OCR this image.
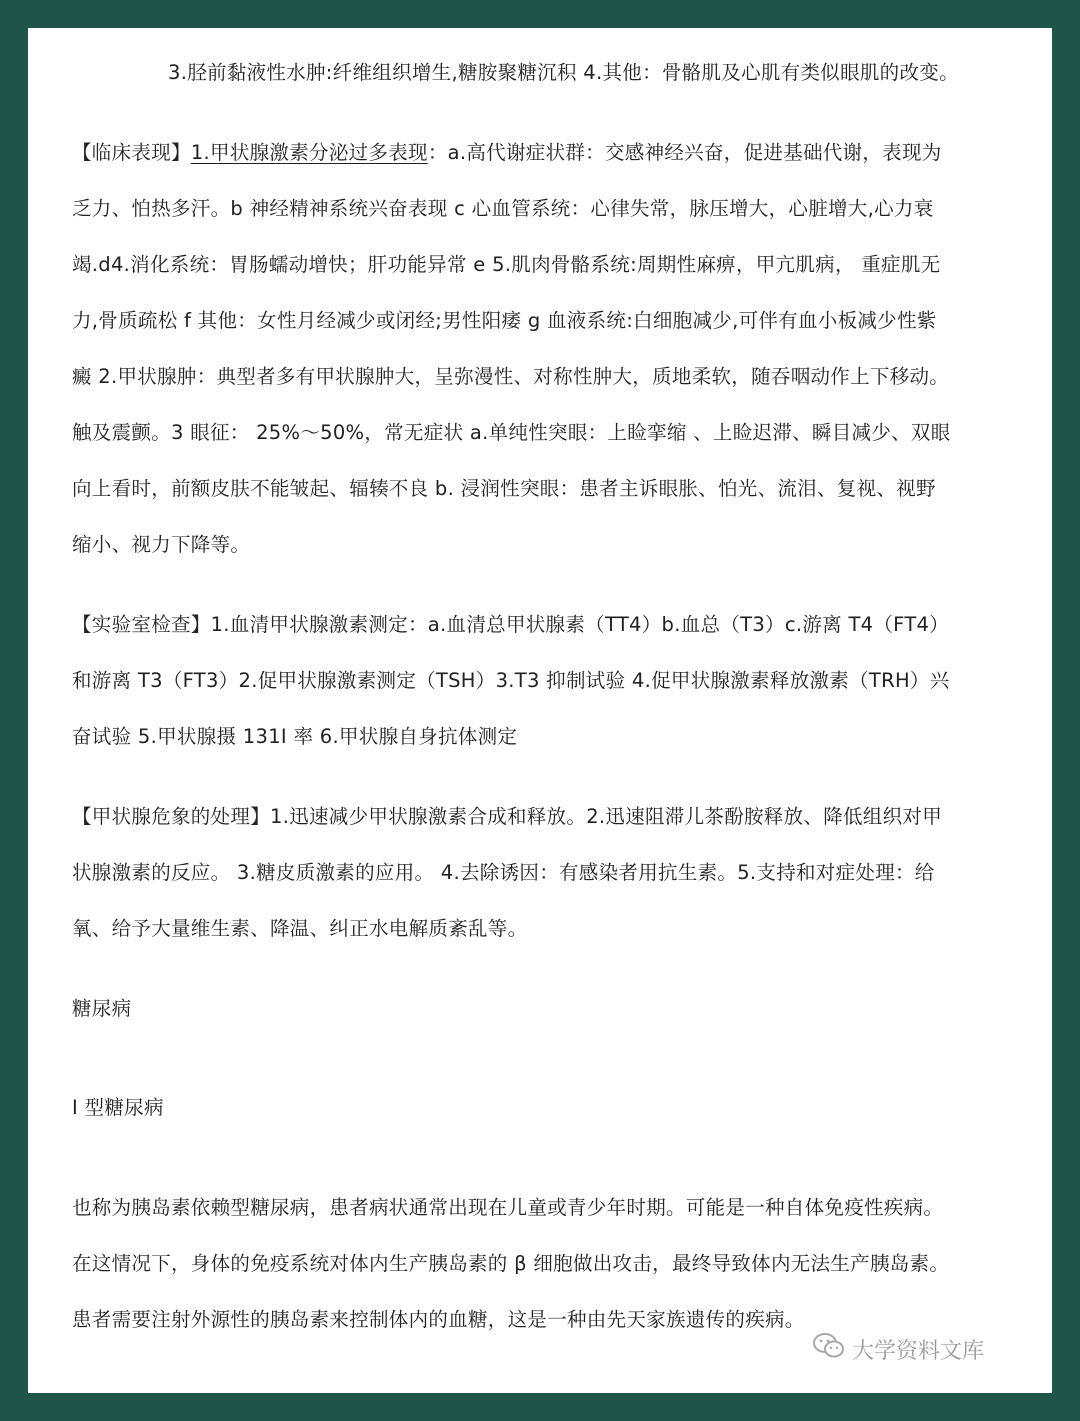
3.胫前黏液性水肿:纤维组织增生,糖胺聚糖沉积 4.其他：骨骼肌及心肌有类似眼肌的改变。
【临床表现】1.甲状腺激素分泌过多表现：a.高代谢症状群：交感神经兴奋，促进基础代谢，表现为
乏力、怕热多汗。b 神经精神系统兴奋表现 c 心血管系统：心律失常，脉压增大，心脏增大,心力衰
竭.d4.消化系统：胃肠蠕动增快；肝功能异常 e 5.肌肉骨骼系统:周期性麻痹，甲亢肌病， 重症肌无
力,骨质疏松 f 其他：女性月经减少或闭经;男性阳痿 g 血液系统:白细胞减少,可伴有血小板减少性紫
癜 2.甲状腺肿：典型者多有甲状腺肿大，呈弥漫性、对称性肿大，质地柔软，随吞咽动作上下移动。
触及震颤。3 眼征： 25%～50%，常无症状 a.单纯性突眼：上睑挛缩 、上睑迟滞、瞬目减少、双眼
向上看时，前额皮肤不能皱起、辐辏不良 b. 浸润性突眼：患者主诉眼胀、怕光、流泪、复视、视野
缩小、视力下降等。
【实验室检查】1.血清甲状腺激素测定：a.血清总甲状腺素（TT4）b.血总（T3）c.游离 T4（FT4）
和游离 T3（FT3）2.促甲状腺激素测定（TSH）3.T3 抑制试验 4.促甲状腺激素释放激素（TRH）兴
奋试验 5.甲状腺摄 131I 率 6.甲状腺自身抗体测定
【甲状腺危象的处理】1.迅速减少甲状腺激素合成和释放。2.迅速阻滞儿茶酚胺释放、降低组织对甲
状腺激素的反应。 3.糖皮质激素的应用。 4.去除诱因：有感染者用抗生素。5.支持和对症处理：给
氧、给予大量维生素、降温、纠正水电解质紊乱等。
糖尿病
I 型糖尿病
也称为胰岛素依赖型糖尿病，患者病状通常出现在儿童或青少年时期。可能是一种自体免疫性疾病。
在这情况下，身体的免疫系统对体内生产胰岛素的 β 细胞做出攻击，最终导致体内无法生产胰岛素。
患者需要注射外源性的胰岛素来控制体内的血糖，这是一种由先天家族遗传的疾病。
大学资料文库
